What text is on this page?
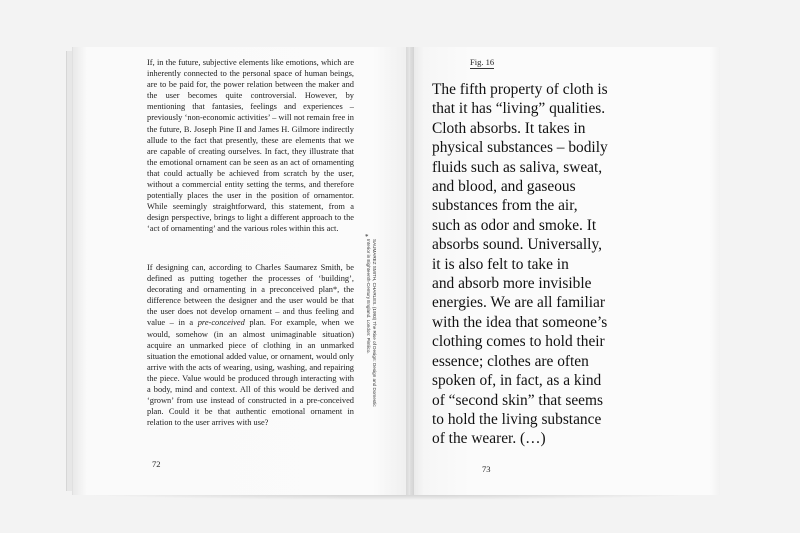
If, in the future, subjective elements like emotions, which are inherently connected to the personal space of human beings, are to be paid for, the power relation between the maker and the user becomes quite controversial. However, by mentioning that fantasies, feelings and experiences – previously ‘non-economic activities’ – will not remain free in the future, B. Joseph Pine II and James H. Gilmore indirectly allude to the fact that presently, these are elements that we are capable of creating ourselves. In fact, they illustrate that the emotional ornament can be seen as an act of ornamenting that could actually be achieved from scratch by the user, without a commercial entity setting the terms, and therefore potentially places the user in the position of ornamentor. While seemingly straightforward, this statement, from a design perspective, brings to light a different approach to the ‘act of ornamenting’ and the various roles within this act.

If designing can, according to Charles Saumarez Smith, be defined as putting together the processes of ‘building’, decorating and ornamenting in a preconceived plan*, the difference between the designer and the user would be that the user does not develop ornament – and thus feeling and value – in a pre-conceived plan. For example, when we would, somehow (in an almost unimaginable situation) acquire an unmarked piece of clothing in an unmarked situation the emotional added value, or ornament, would only arrive with the acts of wearing, using, washing, and repairing the piece. Value would be produced through interacting with a body, mind and context. All of this would be derived and ‘grown’ from use instead of constructed in a pre-conceived plan. Could it be that authentic emotional ornament in relation to the user arrives with use?

*
SAUMAREZ SMITH, CHARLES. (1993) The Rise of Design: Design and Domestic Interior in Eighteenth-Century England. London: Pimlico.
72
Fig. 16
The fifth property of cloth is
that it has “living” qualities.
Cloth absorbs. It takes in
physical substances – bodily
fluids such as saliva, sweat,
and blood, and gaseous
substances from the air,
such as odor and smoke. It
absorbs sound. Universally,
it is also felt to take in
and absorb more invisible
energies. We are all familiar
with the idea that someone’s
clothing comes to hold their
essence; clothes are often
spoken of, in fact, as a kind
of “second skin” that seems
to hold the living substance
of the wearer. (…)
73
